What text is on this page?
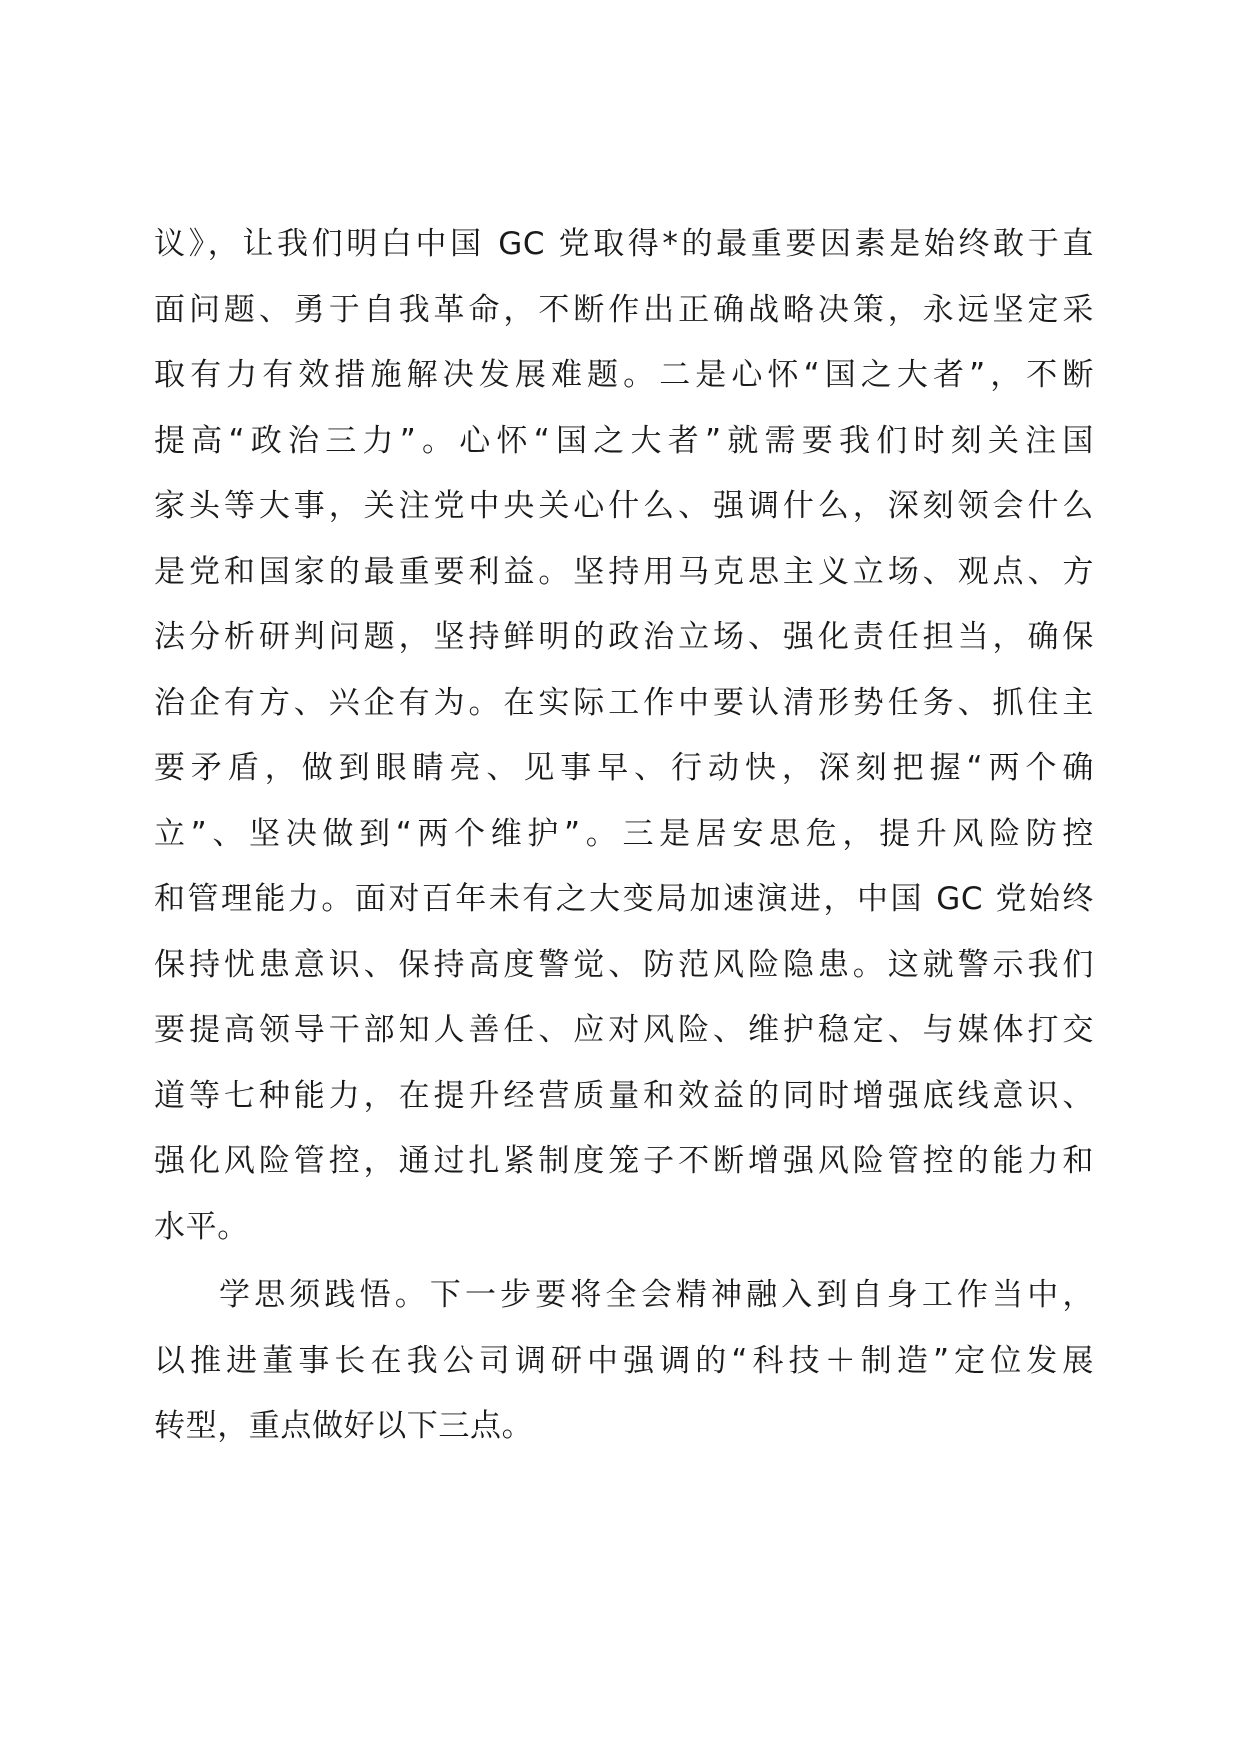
议》，让我们明白中国 GC 党取得*的最重要因素是始终敢于直
面问题、勇于自我革命，不断作出正确战略决策，永远坚定采
取有力有效措施解决发展难题。二是心怀“国之大者”，不断
提高“政治三力”。心怀“国之大者”就需要我们时刻关注国
家头等大事，关注党中央关心什么、强调什么，深刻领会什么
是党和国家的最重要利益。坚持用马克思主义立场、观点、方
法分析研判问题，坚持鲜明的政治立场、强化责任担当，确保
治企有方、兴企有为。在实际工作中要认清形势任务、抓住主
要矛盾，做到眼睛亮、见事早、行动快，深刻把握“两个确
立”、坚决做到“两个维护”。三是居安思危，提升风险防控
和管理能力。面对百年未有之大变局加速演进，中国 GC 党始终
保持忧患意识、保持高度警觉、防范风险隐患。这就警示我们
要提高领导干部知人善任、应对风险、维护稳定、与媒体打交
道等七种能力，在提升经营质量和效益的同时增强底线意识、
强化风险管控，通过扎紧制度笼子不断增强风险管控的能力和
水平。
学思须践悟。下一步要将全会精神融入到自身工作当中，
以推进董事长在我公司调研中强调的“科技＋制造”定位发展
转型，重点做好以下三点。
